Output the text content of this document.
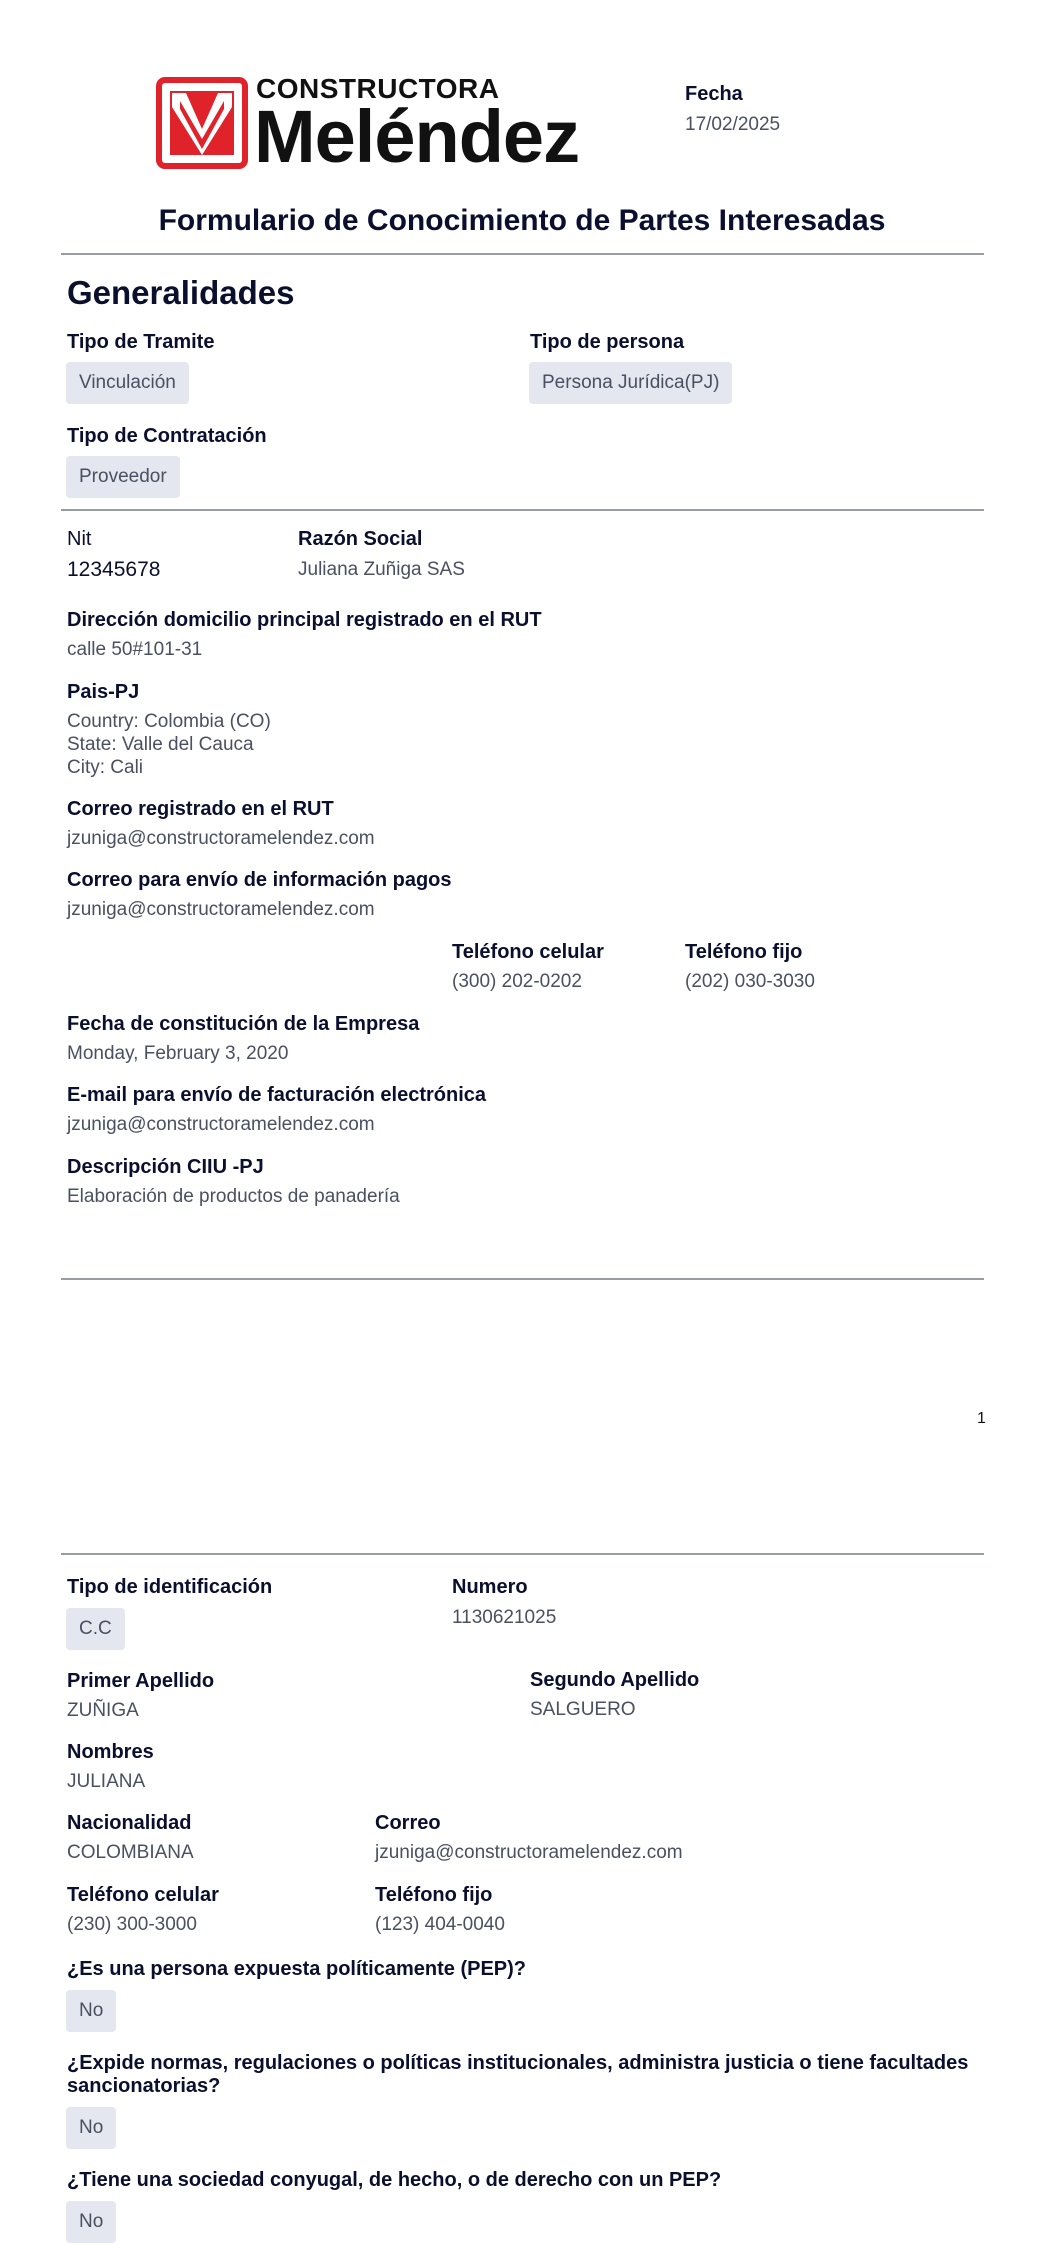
CONSTRUCTORA
Meléndez
Fecha
17/02/2025
Formulario de Conocimiento de Partes Interesadas
Generalidades
Tipo de Tramite
Vinculación
Tipo de persona
Persona Jurídica(PJ)
Tipo de Contratación
Proveedor
Nit
12345678
Razón Social
Juliana Zuñiga SAS
Dirección domicilio principal registrado en el RUT
calle 50#101-31
Pais-PJ
Country: Colombia (CO)
State: Valle del Cauca
City: Cali
Correo registrado en el RUT
jzuniga@constructoramelendez.com
Correo para envío de información pagos
jzuniga@constructoramelendez.com
Teléfono celular
(300) 202-0202
Teléfono fijo
(202) 030-3030
Fecha de constitución de la Empresa
Monday, February 3, 2020
E-mail para envío de facturación electrónica
jzuniga@constructoramelendez.com
Descripción CIIU -PJ
Elaboración de productos de panadería
1
Tipo de identificación
C.C
Numero
1130621025
Primer Apellido
ZUÑIGA
Segundo Apellido
SALGUERO
Nombres
JULIANA
Nacionalidad
COLOMBIANA
Correo
jzuniga@constructoramelendez.com
Teléfono celular
(230) 300-3000
Teléfono fijo
(123) 404-0040
¿Es una persona expuesta políticamente (PEP)?
No
¿Expide normas, regulaciones o políticas institucionales, administra justicia o tiene facultades
sancionatorias?
No
¿Tiene una sociedad conyugal, de hecho, o de derecho con un PEP?
No
